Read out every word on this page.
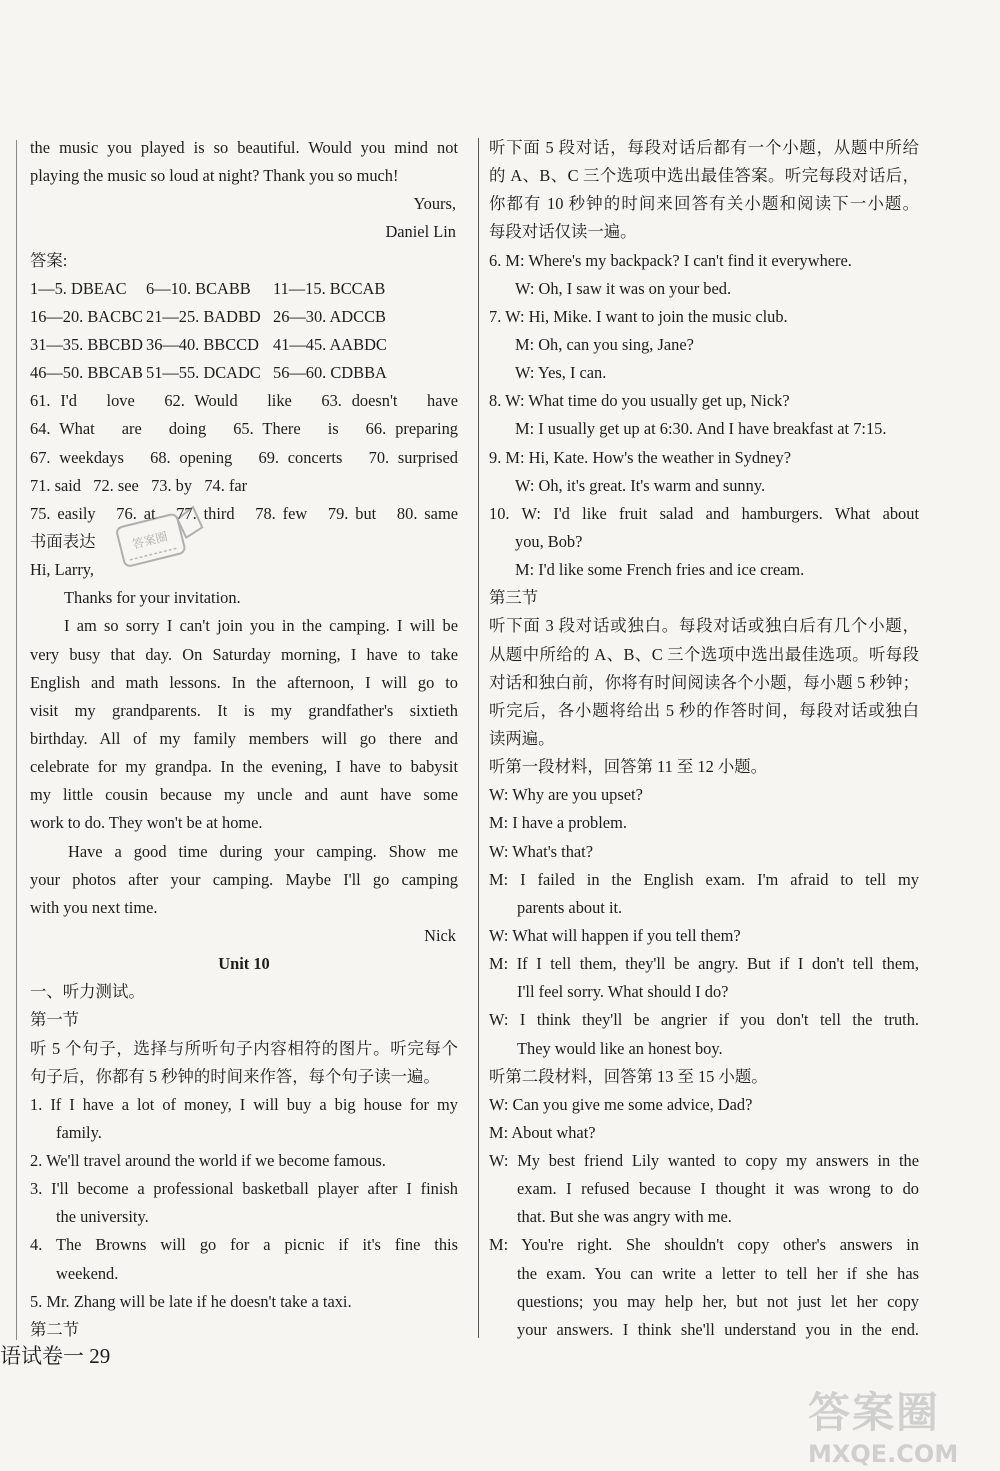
the music you played is so beautiful. Would you mind not
playing the music so loud at night? Thank you so much!
Yours,
Daniel Lin
答案:
1—5. DBEAC 6—10. BCABB 11—15. BCCAB
16—20. BACBC 21—25. BADBD 26—30. ADCCB
31—35. BBCBD 36—40. BBCCD 41—45. AABDC
46—50. BBCAB 51—55. DCADC 56—60. CDBBA
61. I'd   love   62. Would   like   63. doesn't   have
64. What   are   doing   65. There   is   66. preparing
67. weekdays   68. opening   69. concerts   70. surprised
71. said   72. see   73. by   74. far
75. easily   76. at   77. third   78. few   79. but   80. same
书面表达
Hi, Larry,
Thanks for your invitation.
I am so sorry I can't join you in the camping. I will be
very busy that day. On Saturday morning, I have to take
English and math lessons. In the afternoon, I will go to
visit my grandparents. It is my grandfather's sixtieth
birthday. All of my family members will go there and
celebrate for my grandpa. In the evening, I have to babysit
my little cousin because my uncle and aunt have some
work to do. They won't be at home.
Have a good time during your camping. Show me
your photos after your camping. Maybe I'll go camping
with you next time.
Nick
Unit 10
一、听力测试。
第一节
听 5 个句子，选择与所听句子内容相符的图片。听完每个
句子后，你都有 5 秒钟的时间来作答，每个句子读一遍。
1. If I have a lot of money, I will buy a big house for my
family.
2. We'll travel around the world if we become famous.
3. I'll become a professional basketball player after I finish
the university.
4. The Browns will go for a picnic if it's fine this
weekend.
5. Mr. Zhang will be late if he doesn't take a taxi.
第二节
听下面 5 段对话，每段对话后都有一个小题，从题中所给
的 A、B、C 三个选项中选出最佳答案。听完每段对话后，
你都有 10 秒钟的时间来回答有关小题和阅读下一小题。
每段对话仅读一遍。
6. M: Where's my backpack? I can't find it everywhere.
W: Oh, I saw it was on your bed.
7. W: Hi, Mike. I want to join the music club.
M: Oh, can you sing, Jane?
W: Yes, I can.
8. W: What time do you usually get up, Nick?
M: I usually get up at 6:30. And I have breakfast at 7:15.
9. M: Hi, Kate. How's the weather in Sydney?
W: Oh, it's great. It's warm and sunny.
10. W: I'd like fruit salad and hamburgers. What about
you, Bob?
M: I'd like some French fries and ice cream.
第三节
听下面 3 段对话或独白。每段对话或独白后有几个小题，
从题中所给的 A、B、C 三个选项中选出最佳选项。听每段
对话和独白前，你将有时间阅读各个小题，每小题 5 秒钟；
听完后，各小题将给出 5 秒的作答时间，每段对话或独白
读两遍。
听第一段材料，回答第 11 至 12 小题。
W: Why are you upset?
M: I have a problem.
W: What's that?
M: I failed in the English exam. I'm afraid to tell my
parents about it.
W: What will happen if you tell them?
M: If I tell them, they'll be angry. But if I don't tell them,
I'll feel sorry. What should I do?
W: I think they'll be angrier if you don't tell the truth.
They would like an honest boy.
听第二段材料，回答第 13 至 15 小题。
W: Can you give me some advice, Dad?
M: About what?
W: My best friend Lily wanted to copy my answers in the
exam. I refused because I thought it was wrong to do
that. But she was angry with me.
M: You're right. She shouldn't copy other's answers in
the exam. You can write a letter to tell her if she has
questions; you may help her, but not just let her copy
your answers. I think she'll understand you in the end.
语试卷一 29
答案圈
答案圈
MXQE.COM
